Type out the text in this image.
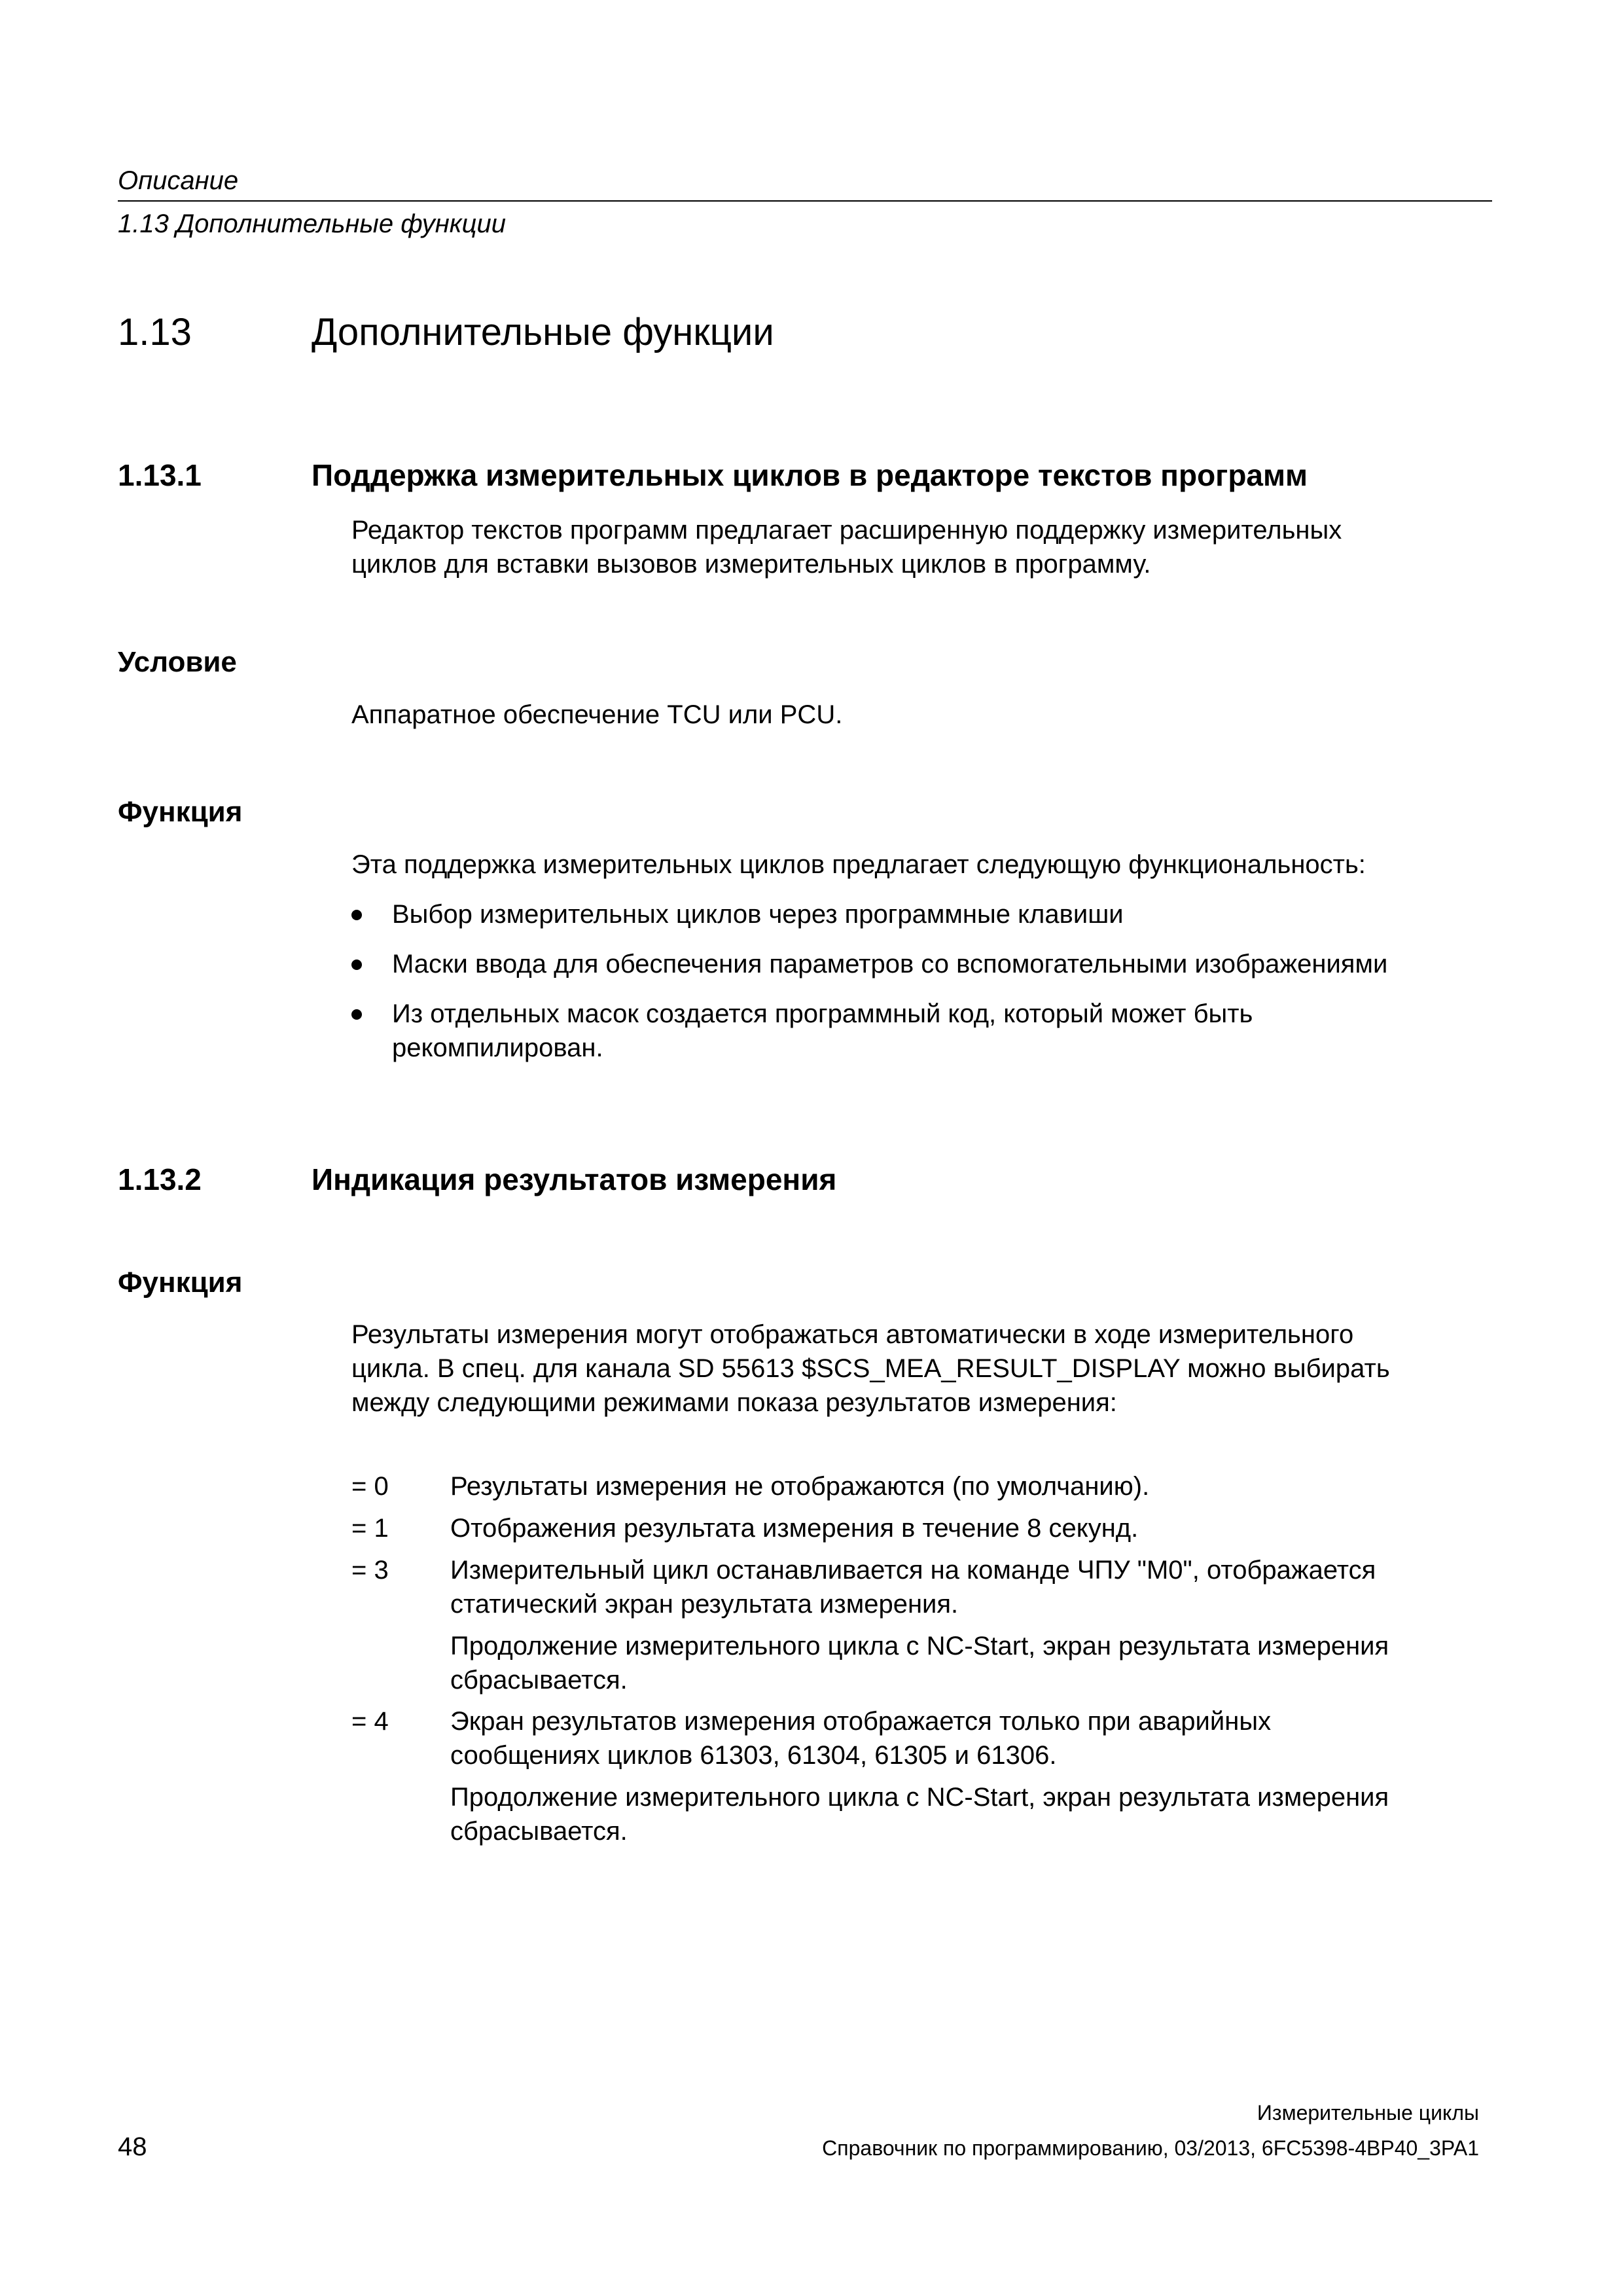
Описание
1.13 Дополнительные функции
1.13	Дополнительные функции
1.13.1	Поддержка измерительных циклов в редакторе текстов программ
Редактор текстов программ предлагает расширенную поддержку измерительных
циклов для вставки вызовов измерительных циклов в программу.
Условие
Аппаратное обеспечение TCU или PCU.
Функция
Эта поддержка измерительных циклов предлагает следующую функциональность:
Выбор измерительных циклов через программные клавиши
Маски ввода для обеспечения параметров со вспомогательными изображениями
Из отдельных масок создается программный код, который может быть
рекомпилирован.
1.13.2	Индикация результатов измерения
Функция
Результаты измерения могут отображаться автоматически в ходе измерительного
цикла. В спец. для канала SD 55613 $SCS_MEA_RESULT_DISPLAY можно выбирать
между следующими режимами показа результатов измерения:
= 0	Результаты измерения не отображаются (по умолчанию).
= 1	Отображения результата измерения в течение 8 секунд.
= 3	Измерительный цикл останавливается на команде ЧПУ "M0", отображается
статический экран результата измерения.
Продолжение измерительного цикла с NC-Start, экран результата измерения
сбрасывается.
= 4	Экран результатов измерения отображается только при аварийных
сообщениях циклов 61303, 61304, 61305 и 61306.
Продолжение измерительного цикла с NC-Start, экран результата измерения
сбрасывается.
Измерительные циклы
48	Справочник по программированию, 03/2013, 6FC5398-4BP40_3PA1
